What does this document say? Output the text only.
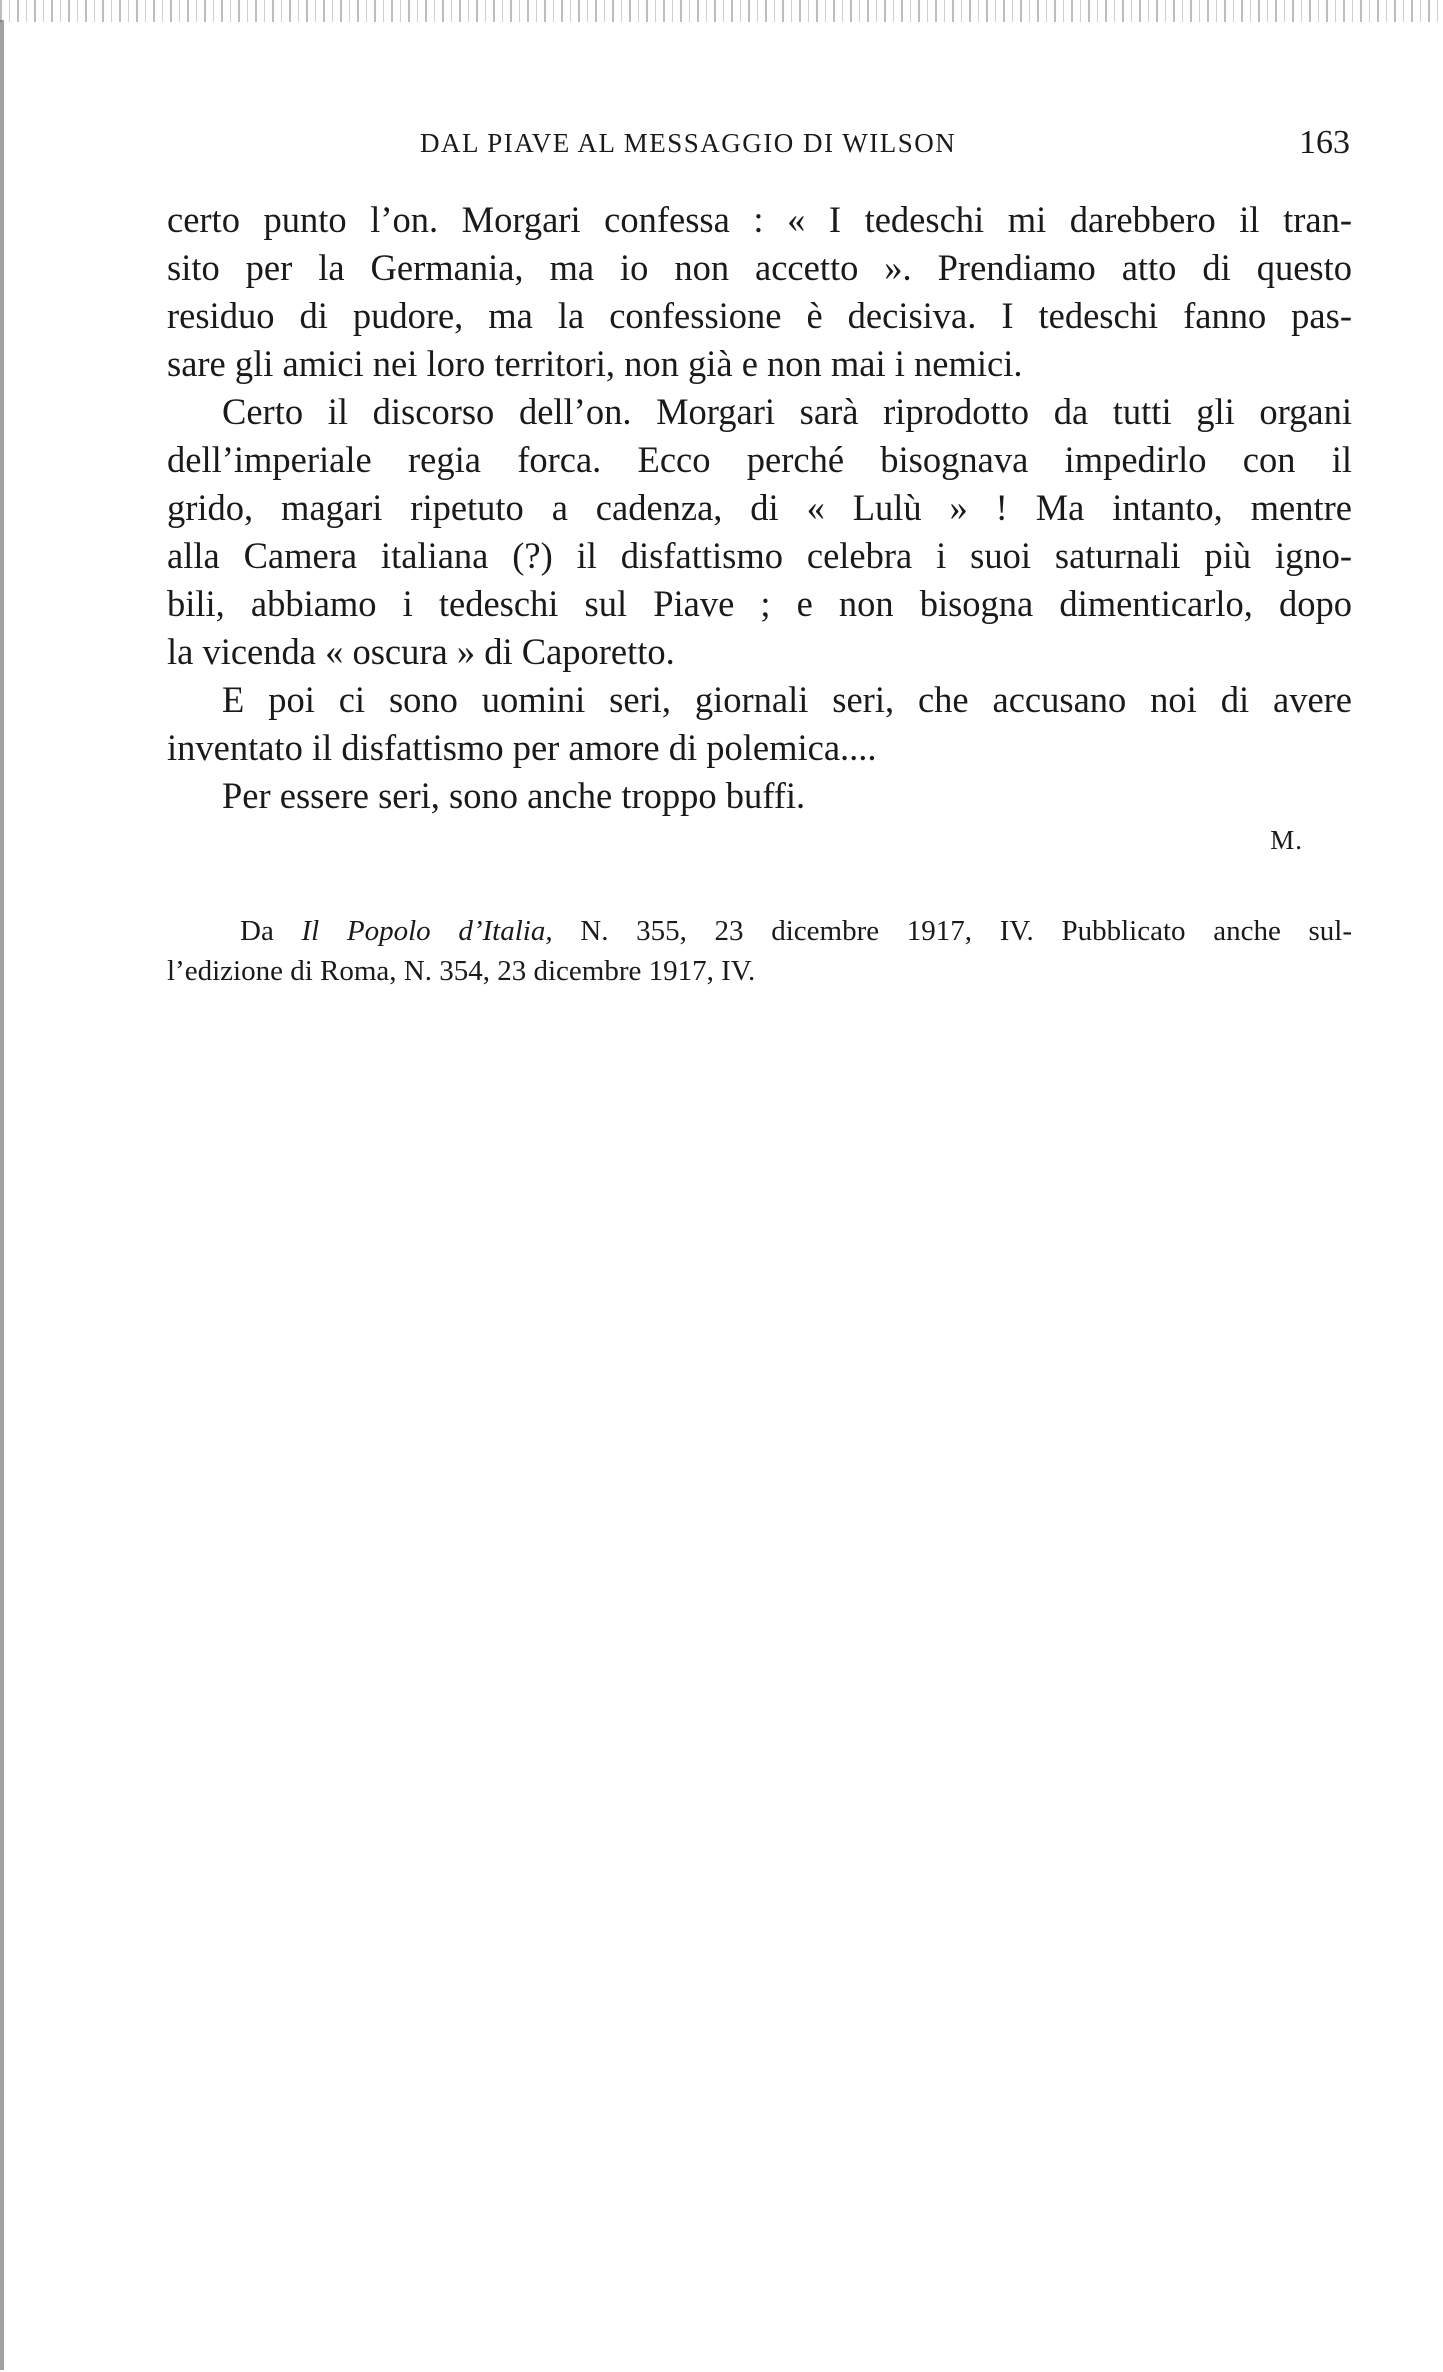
DAL PIAVE AL MESSAGGIO DI WILSON	163
certo punto l’on. Morgari confessa : « I tedeschi mi darebbero il tran-
sito per la Germania, ma io non accetto ». Prendiamo atto di questo
residuo di pudore, ma la confessione è decisiva. I tedeschi fanno pas-
sare gli amici nei loro territori, non già e non mai i nemici.
Certo il discorso dell’on. Morgari sarà riprodotto da tutti gli organi
dell’imperiale regia forca. Ecco perché bisognava impedirlo con il
grido, magari ripetuto a cadenza, di « Lulù » ! Ma intanto, mentre
alla Camera italiana (?) il disfattismo celebra i suoi saturnali più igno-
bili, abbiamo i tedeschi sul Piave ; e non bisogna dimenticarlo, dopo
la vicenda « oscura » di Caporetto.
E poi ci sono uomini seri, giornali seri, che accusano noi di avere
inventato il disfattismo per amore di polemica....
Per essere seri, sono anche troppo buffi.
M.
Da Il Popolo d’Italia, N. 355, 23 dicembre 1917, IV. Pubblicato anche sul-
l’edizione di Roma, N. 354, 23 dicembre 1917, IV.
